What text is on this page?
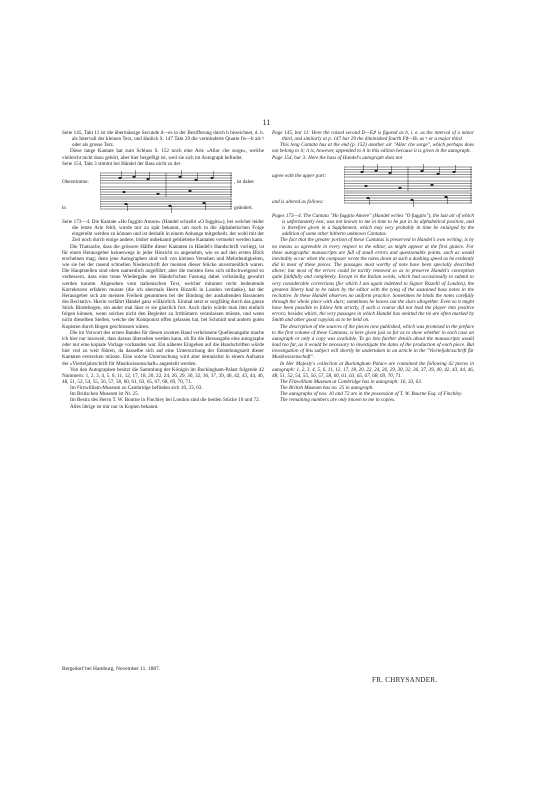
11

Seite 145, Takt 11 ist die übermässige Secunde d—es in der Bezifferung durch b bezeichnet, d. h. als Intervall der kleinen Terz, und ähnlich S. 147 Takt 29 die verminderte Quarte fis—b als ♮ oder als grosse Terz.

Diese lange Kantate hat zum Schluss S. 152 noch eine Arie «Allor che sorge», welche vielleicht nicht dazu gehört, aber hier beigefügt ist, weil sie sich im Autograph befindet.

Seite 154, Takt 3 stimmt bei Händel der Bass nicht zu der

Oberstimme:	, ist daher
in	geändert.

Seite 173—4. Die Kantate «Ho fuggito Amore» (Handel schreibt «O fuggito»), bei welcher leider die letzte Arie fehlt, wurde mir zu spät bekannt, um noch in die alphabetischen Folge eingereiht werden zu können und ist deshalb in einem Anhange mitgetheilt, der wohl mit der Zeit noch durch einige andere, bisher unbekannt gebliebene Kantaten vermehrt werden kann.

Die Thatsache, dass die grössere Hälfte dieser Kantaten in Händel's Handschrift vorliegt, ist für einen Herausgeber keineswegs in jeder Hinsicht so angenehm, wie es auf den ersten Blick erscheinen mag; denn jene Autographen sind voll von kleinen Versehen und Mehrdeutigkeiten, wie sie bei der rasend schnellen Niederschrift der meisten dieser Stücke unvermeidlich waren. Die Hauptstellen sind oben namentlich angeführt; aber die meisten liess sich stillschweigend so verbessern, dass eine treue Wiedergabe der Händel'schen Fassung dabei vollständig gewahrt werden konnte. Abgesehen vom italienischen Text, welcher mitunter recht bedeutende Korrekturen erfahren musste (die ich abermals Herrn Rizzelli in London verdanke), hat der Herausgeber sich am meisten Freiheit genommen bei der Bindung der aushaltenden Bassnoten des Recitativs. Hierin verfährt Händel ganz willkürlich. Einmal setzt er sorgfältig durch das ganze Stück Bindebogen, ein ander mal lässt er sie gänzlich fort. Auch darin würde man ihm einfach folgen können, wenn solches nicht den Begleiter zu Irrthümern veranlassen müsste, und wenn nicht dieselben Stellen, welche der Komponist offen gelassen hat, bei Schmidt und andern guten Kopisten durch Bogen geschlossen wären.

Die im Vorwort des ersten Bandes für diesen zweiten Band verheissene Quellenangabe mache ich hier nur insoweit, dass daraus übersehen werden kann, ob für die Herausgabe eine autographe oder nur eine kopiale Vorlage vorhanden war. Ein näheres Eingehen auf die Handschriften würde hier viel zu weit führen, da dasselbe sich auf eine Untersuchung der Entstehungszeit dieser Kantaten erstrecken müsste. Eine solche Untersuchung wird aber demnächst in einem Aufsatze der «Vierteljahrschrift für Musikwissenschaft» angestellt werden.

Von den Autographen besitzt die Sammlung der Königin im Buckingham-Palast folgende 42 Nummern: 1, 2, 3, 4, 5, 6, 11, 12, 17, 18, 20, 22, 24, 26, 29, 30, 32, 36, 37, 39, 40, 42, 43, 44, 46, 48, 51, 52, 54, 55, 56, 57, 58, 60, 61, 63, 65, 67, 68, 69, 70, 71.

Im Fitzwilliam-Museum zu Cambridge befinden sich 16, 33, 63.

Im Britischen Museum ist Nr. 25.

Im Besitz des Herrn T. W. Bourne in Finchley bei London sind die beiden Stücke 10 und 72.

Alles übrige ist mir nur in Kopien bekannt.

Page 145, bar 11: Here the raised second D—E♯ is figured as b, i. e. as the interval of a minor third, and similarly at p. 147 bar 29 the diminished fourth F♯—B♭ as ♮ or a major third.

This long Cantata has at the end (p. 152) another air "Allor che sorge", which perhaps does not belong to it; it is, however, appended to it in this edition because it is given in the autograph.

Page 154, bar 3: Here the bass of Handel's autograph does not

agree with the upper part:
and is altered as follows:

Pages 173—4. The Cantata "Ho fuggito Amore" (Handel writes "O fuggito"), the last air of which is unfortunately lost, was not known to me in time to be put in its alphabetical position, and is therefore given in a Supplement, which may very probably in time be enlarged by the addition of some other hitherto unknown Cantatas.

The fact that the greater portion of these Cantatas is preserved in Handel's own writing, is by no means so agreeable in every respect to the editor, as might appear at the first glance. For these autographic manuscripts are full of small errors and questionable points, such as would inevitably occur when the composer wrote the notes down at such a dashing speed as he evidently did in most of these pieces. The passages most worthy of note have been specially described above; but most of the errors could be tacitly removed so as to preserve Handel's conception quite faithfully and completely. Except in the Italian words, which had occasionally to submit to very considerable corrections (for which I am again indebted to Signor Rizzelli of London), the greatest liberty had to be taken by the editor with the tying of the sustained bass notes in the recitative. In these Handel observes no uniform practice. Sometimes he binds the notes carefully through the whole piece with slurs; sometimes he leaves out the slurs altogether. Even so it might have been possible to follow him strictly, if such a course did not lead the player into positive errors; besides which, the very passages in which Handel has omitted the tie are often marked by Smith and other good copyists as to be held on.

The description of the sources of the pieces now published, which was promised in the preface to the first volume of these Cantatas, is here given just so far as to show whether in each case an autograph or only a copy was available. To go into further details about the manuscripts would lead too far, as it would be necessary to investigate the dates of the production of each piece. But investigation of this subject will shortly be undertaken in an article in the "Vierteljahrsschrift für Musikwissenschaft".

In Her Majesty's collection at Buckingham Palace are contained the following 42 pieces in autograph: 1, 2, 3, 4, 5, 6, 11, 12, 17, 18, 20, 22, 24, 26, 29, 30, 32, 36, 37, 39, 40, 42, 43, 44, 46, 48, 51, 52, 54, 55, 56, 57, 58, 60, 61, 63, 65, 67, 68, 69, 70, 71.

The Fitzwilliam Museum at Cambridge has in autograph: 16, 33, 63.

The British Museum has no. 25 in autograph.

The autographs of nos. 10 and 72 are in the possession of T. W. Bourne Esq. of Finchley.

The remaining numbers are only known to me in copies.

Bergedorf bei Hamburg, November 11. 1887.
FR. CHRYSANDER.
